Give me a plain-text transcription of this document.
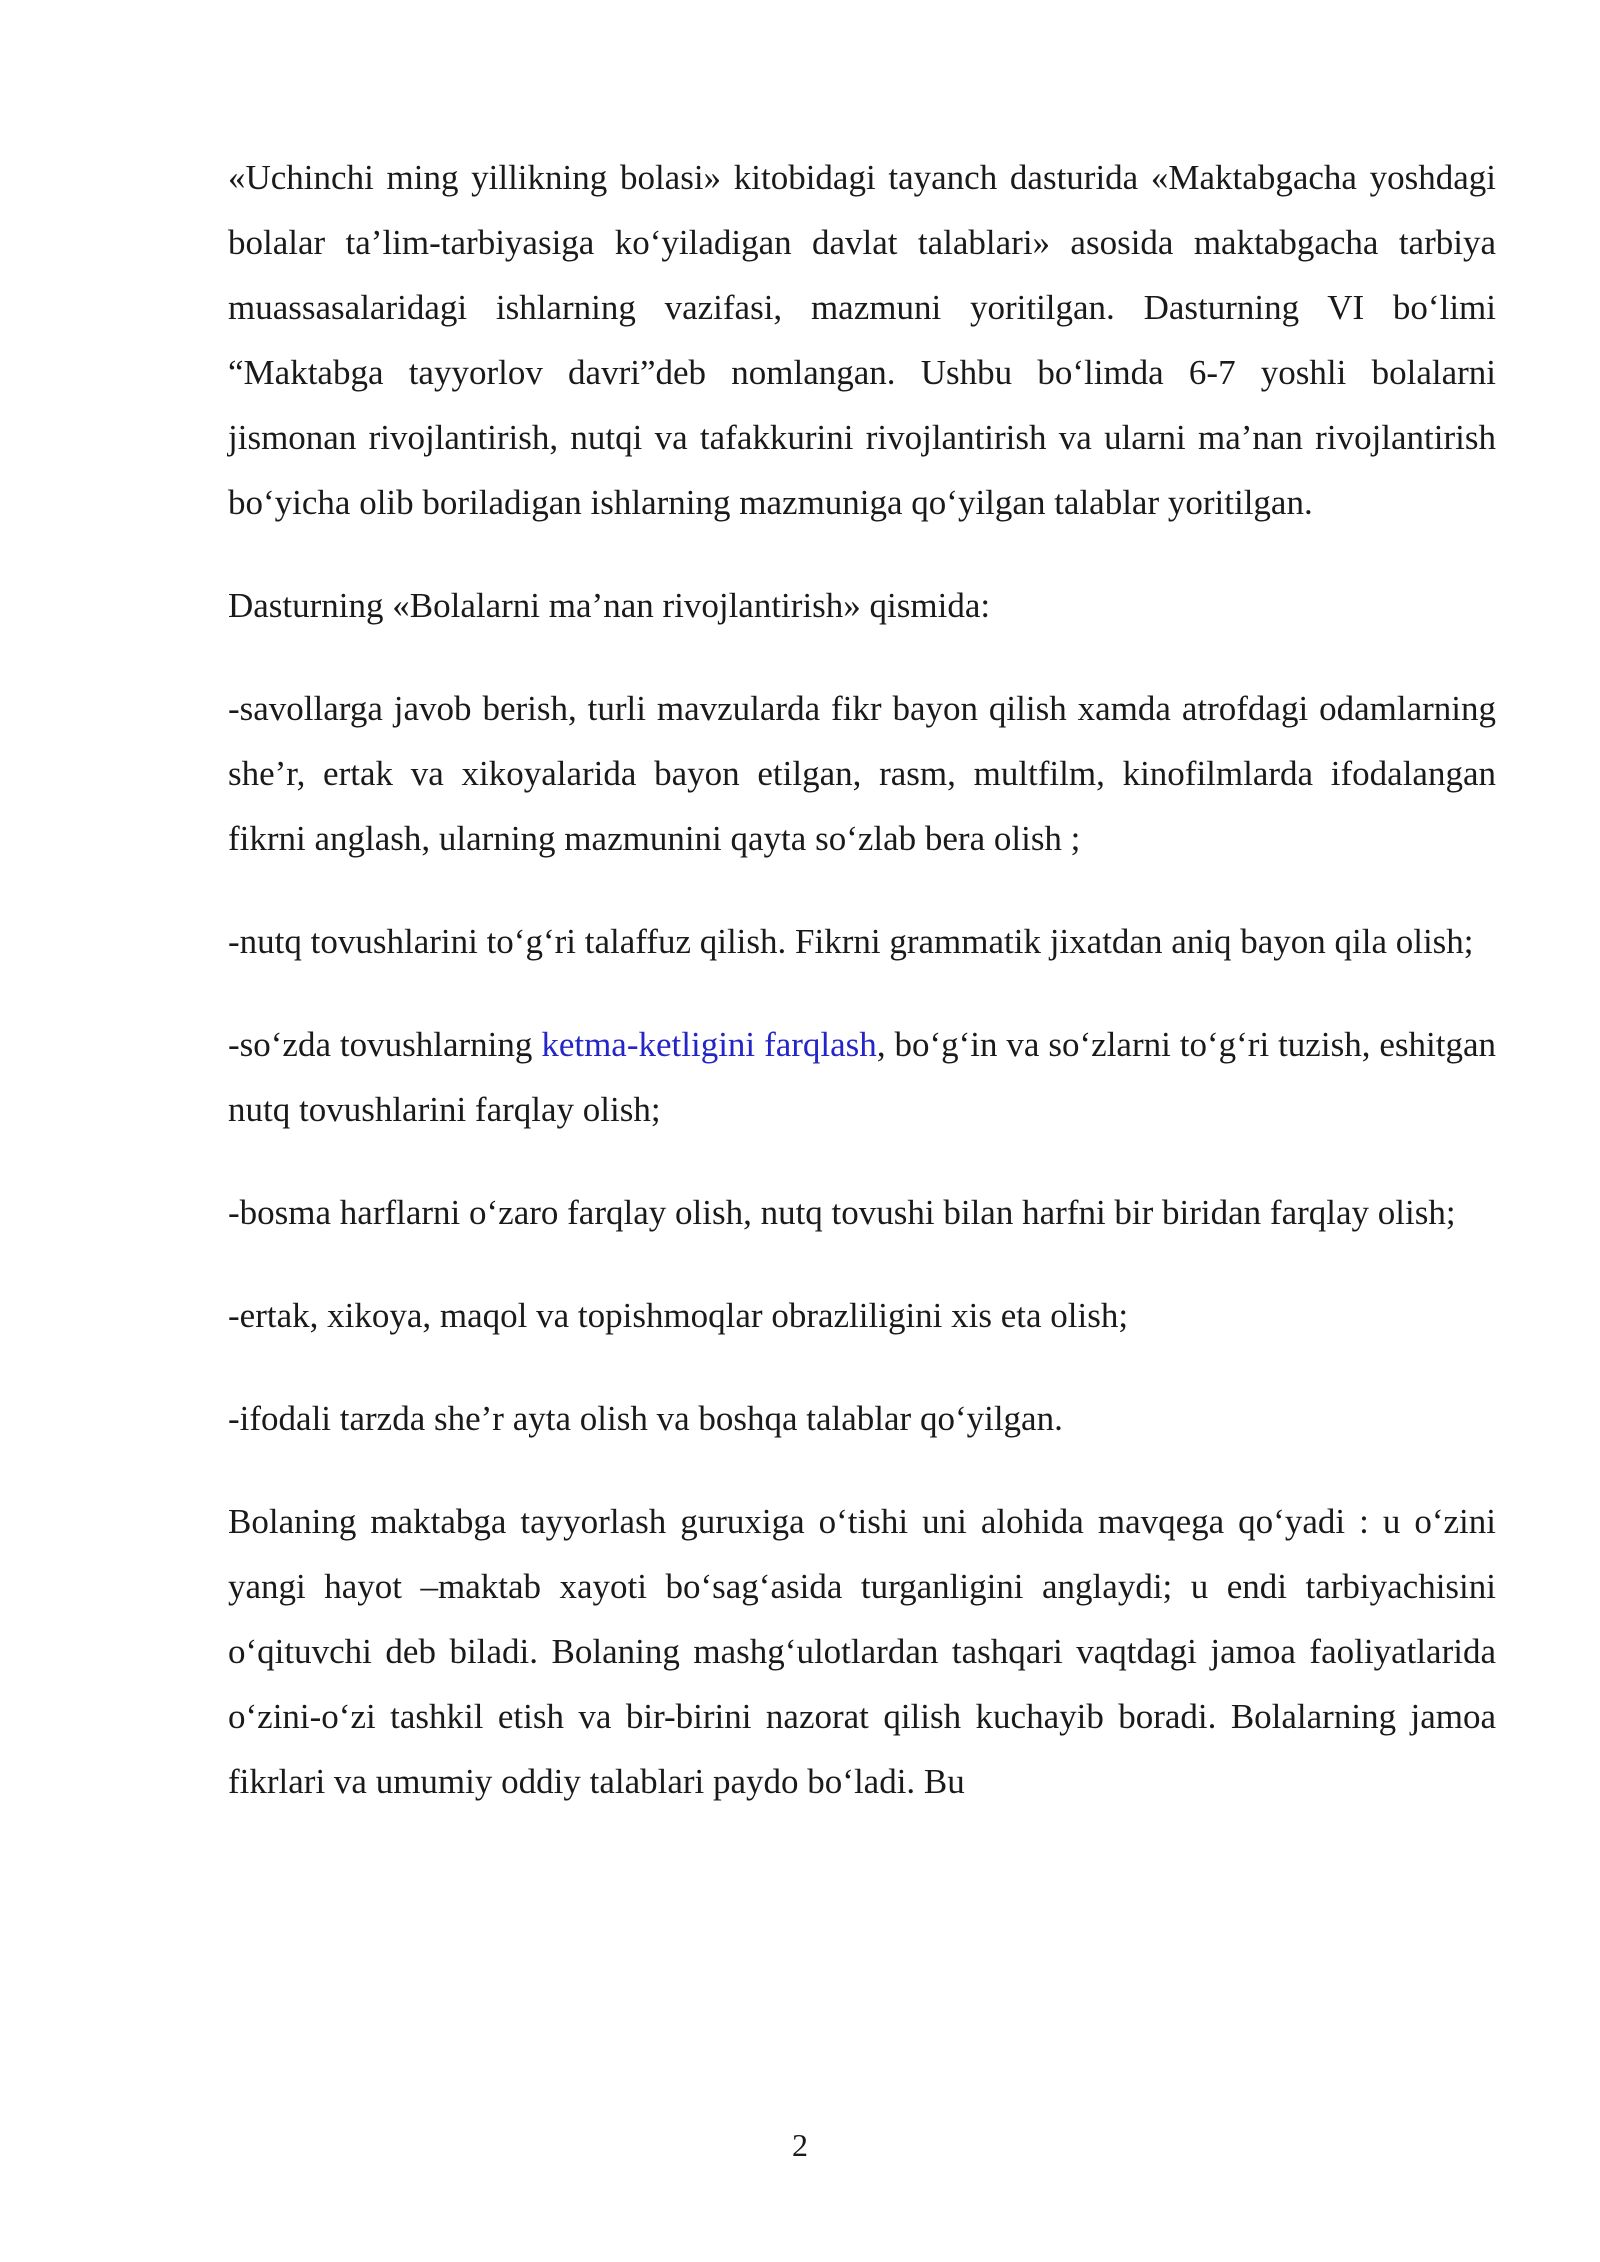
«Uchinchi ming yillikning bolasi» kitobidagi tayanch dasturida «Maktabgacha yoshdagi bolalar ta’lim-tarbiyasiga ko‘yiladigan davlat talablari» asosida maktabgacha tarbiya muassasalaridagi ishlarning vazifasi, mazmuni yoritilgan. Dasturning VI bo‘limi “Maktabga tayyorlov davri”deb nomlangan. Ushbu bo‘limda 6-7 yoshli bolalarni jismonan rivojlantirish, nutqi va tafakkurini rivojlantirish va ularni ma’nan rivojlantirish bo‘yicha olib boriladigan ishlarning mazmuniga qo‘yilgan talablar yoritilgan.

Dasturning «Bolalarni ma’nan rivojlantirish» qismida:

-savollarga javob berish, turli mavzularda fikr bayon qilish xamda atrofdagi odamlarning she’r, ertak va xikoyalarida bayon etilgan, rasm, multfilm, kinofilmlarda ifodalangan fikrni anglash, ularning mazmunini qayta so‘zlab bera olish ;

-nutq tovushlarini to‘g‘ri talaffuz qilish. Fikrni grammatik jixatdan aniq bayon qila olish;

-so‘zda tovushlarning ketma-ketligini farqlash, bo‘g‘in va so‘zlarni to‘g‘ri tuzish, eshitgan nutq tovushlarini farqlay olish;

-bosma harflarni o‘zaro farqlay olish, nutq tovushi bilan harfni bir biridan farqlay olish;

-ertak, xikoya, maqol va topishmoqlar obrazliligini xis eta olish;

-ifodali tarzda she’r ayta olish va boshqa talablar qo‘yilgan.

Bolaning maktabga tayyorlash guruxiga o‘tishi uni alohida mavqega qo‘yadi : u o‘zini yangi hayot –maktab xayoti bo‘sag‘asida turganligini anglaydi; u endi tarbiyachisini o‘qituvchi deb biladi. Bolaning mashg‘ulotlardan tashqari vaqtdagi jamoa faoliyatlarida o‘zini-o‘zi tashkil etish va bir-birini nazorat qilish kuchayib boradi. Bolalarning jamoa fikrlari va umumiy oddiy talablari paydo bo‘ladi. Bu

2
